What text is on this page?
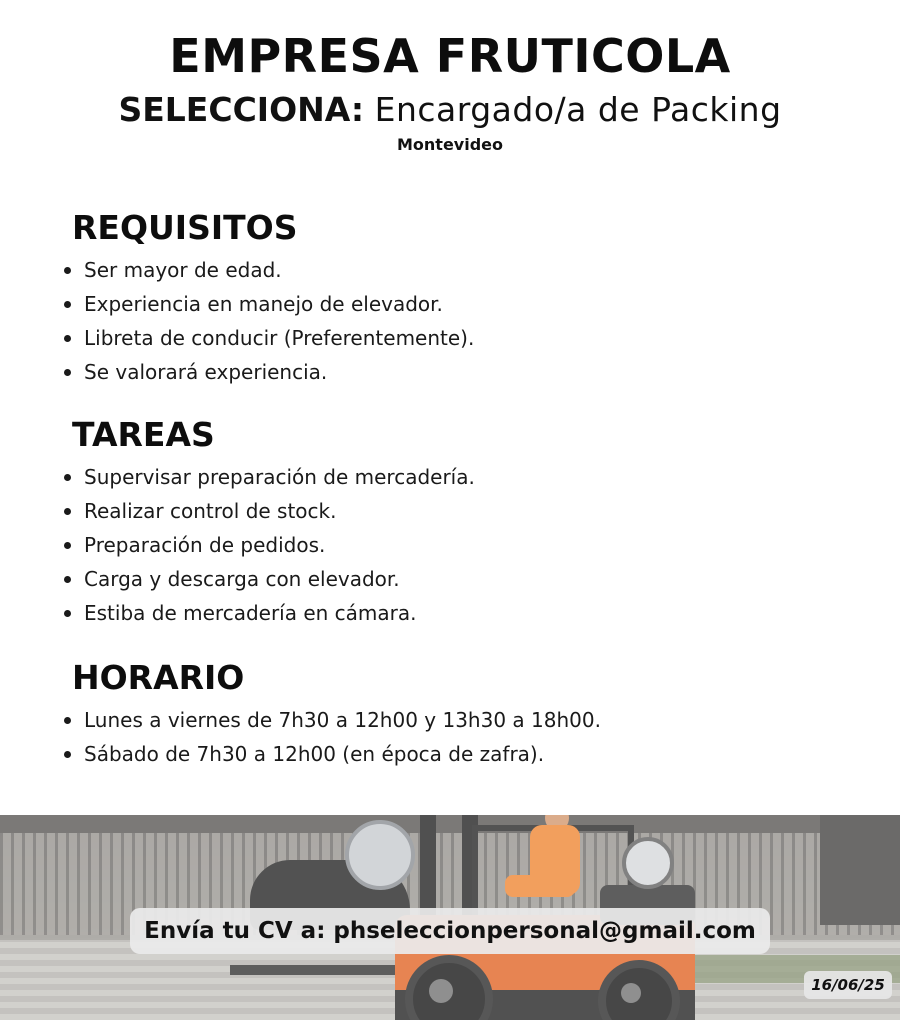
EMPRESA FRUTICOLA
SELECCIONA: Encargado/a de Packing
Montevideo
REQUISITOS
Ser mayor de edad.
Experiencia en manejo de elevador.
Libreta de conducir (Preferentemente).
Se valorará experiencia.
TAREAS
Supervisar preparación de mercadería.
Realizar control de stock.
Preparación de pedidos.
Carga y descarga con elevador.
Estiba de mercadería en cámara.
HORARIO
Lunes a viernes de 7h30 a 12h00 y 13h30 a 18h00.
Sábado de 7h30 a 12h00 (en época de zafra).
Envía tu CV a: phseleccionpersonal@gmail.com
16/06/25
